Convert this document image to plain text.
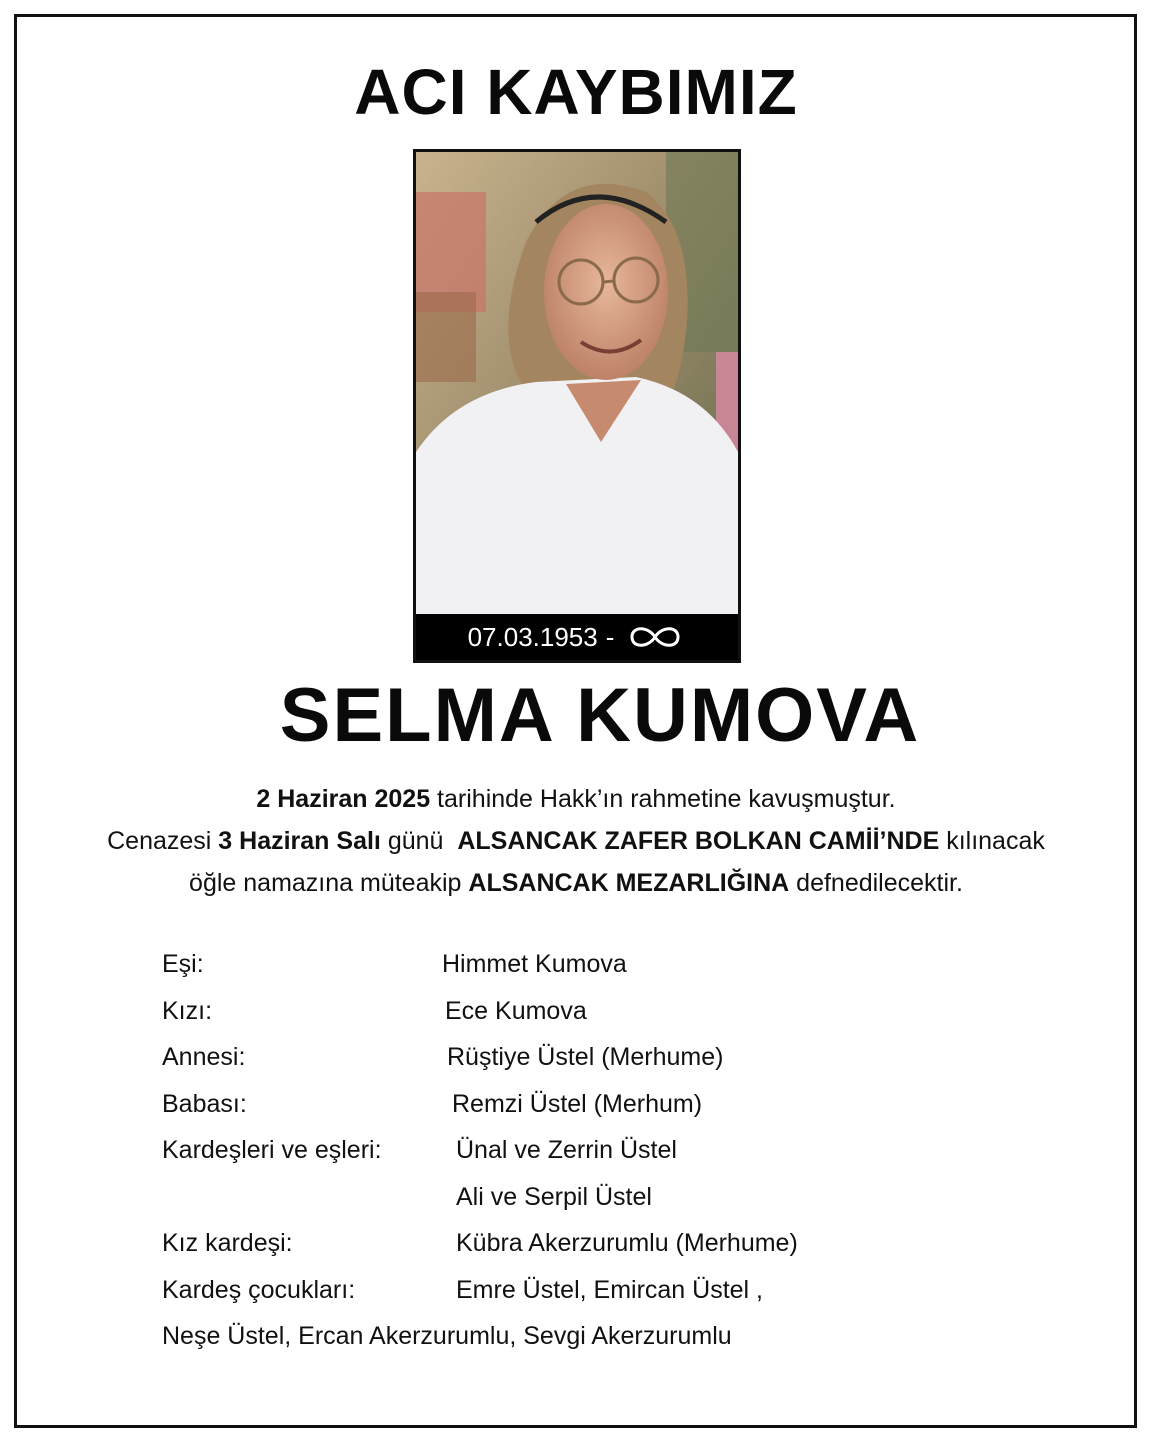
ACI KAYBIMIZ
07.03.1953 -
SELMA KUMOVA
2 Haziran 2025 tarihinde Hakk’ın rahmetine kavuşmuştur.
Cenazesi 3 Haziran Salı günü  ALSANCAK ZAFER BOLKAN CAMİİ’NDE kılınacak
öğle namazına müteakip ALSANCAK MEZARLIĞINA defnedilecektir.
Eşi:	Himmet Kumova
Kızı:	Ece Kumova
Annesi:	Rüştiye Üstel (Merhume)
Babası:	Remzi Üstel (Merhum)
Kardeşleri ve eşleri:	Ünal ve Zerrin Üstel
Ali ve Serpil Üstel
Kız kardeşi:	Kübra Akerzurumlu (Merhume)
Kardeş çocukları:	Emre Üstel, Emircan Üstel ,
Neşe Üstel, Ercan Akerzurumlu, Sevgi Akerzurumlu
